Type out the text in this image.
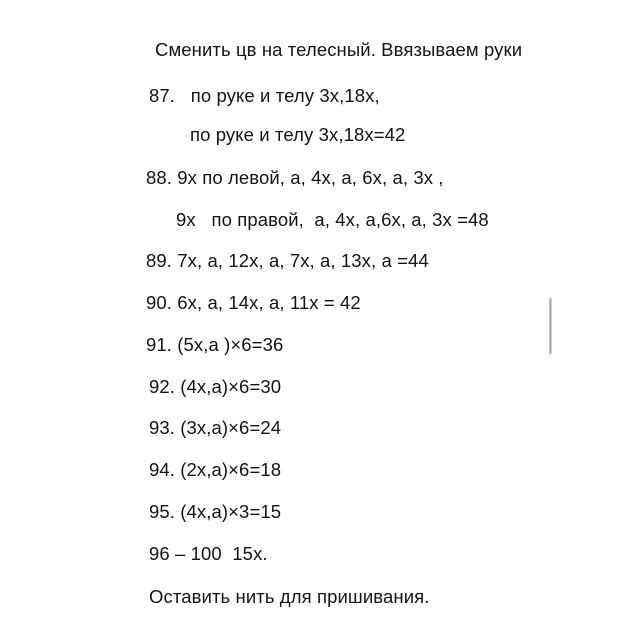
Сменить цв на телесный. Ввязываем руки
87.   по руке и телу 3х,18х,
по руке и телу 3х,18х=42
88. 9х по левой, а, 4х, а, 6х, а, 3х ,
9х   по правой,  а, 4х, а,6х, а, 3х =48
89. 7х, а, 12х, а, 7х, а, 13х, а =44
90. 6х, а, 14х, а, 11х = 42
91. (5х,а )×6=36
92. (4х,а)×6=30
93. (3х,а)×6=24
94. (2х,а)×6=18
95. (4х,а)×3=15
96 – 100  15х.
Оставить нить для пришивания.
